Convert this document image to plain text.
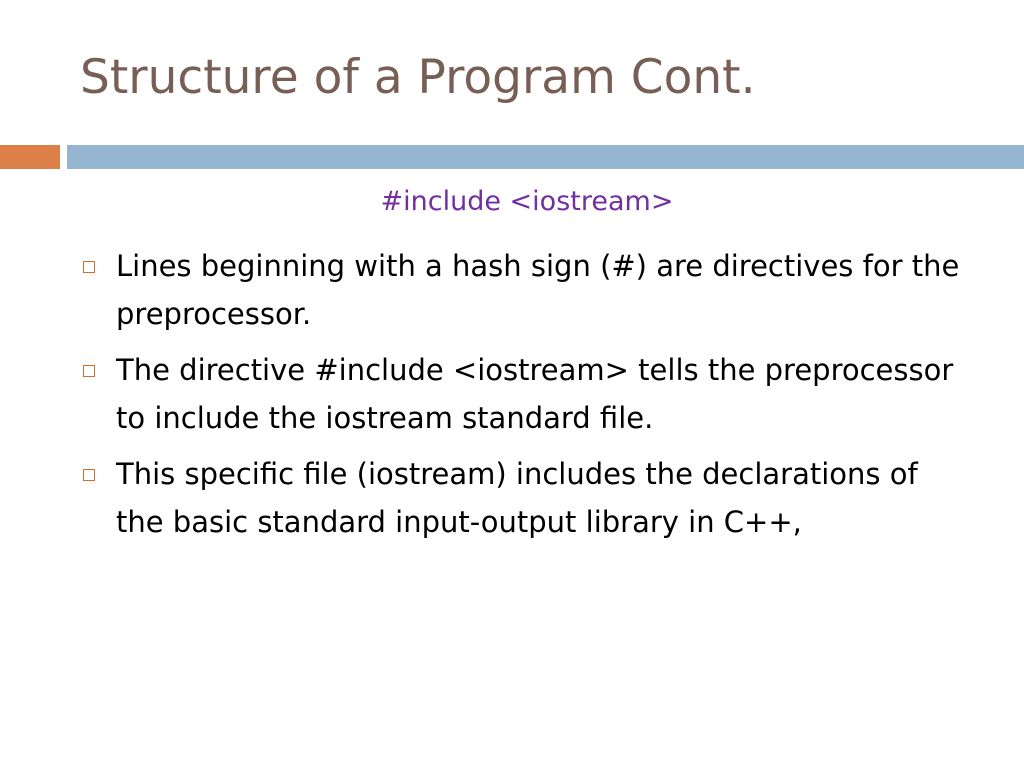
Structure of a Program Cont.
#include <iostream>
Lines beginning with a hash sign (#) are directives for the preprocessor.
The directive #include <iostream> tells the preprocessor to include the iostream standard file.
This specific file (iostream) includes the declarations of the basic standard input-output library in C++,
